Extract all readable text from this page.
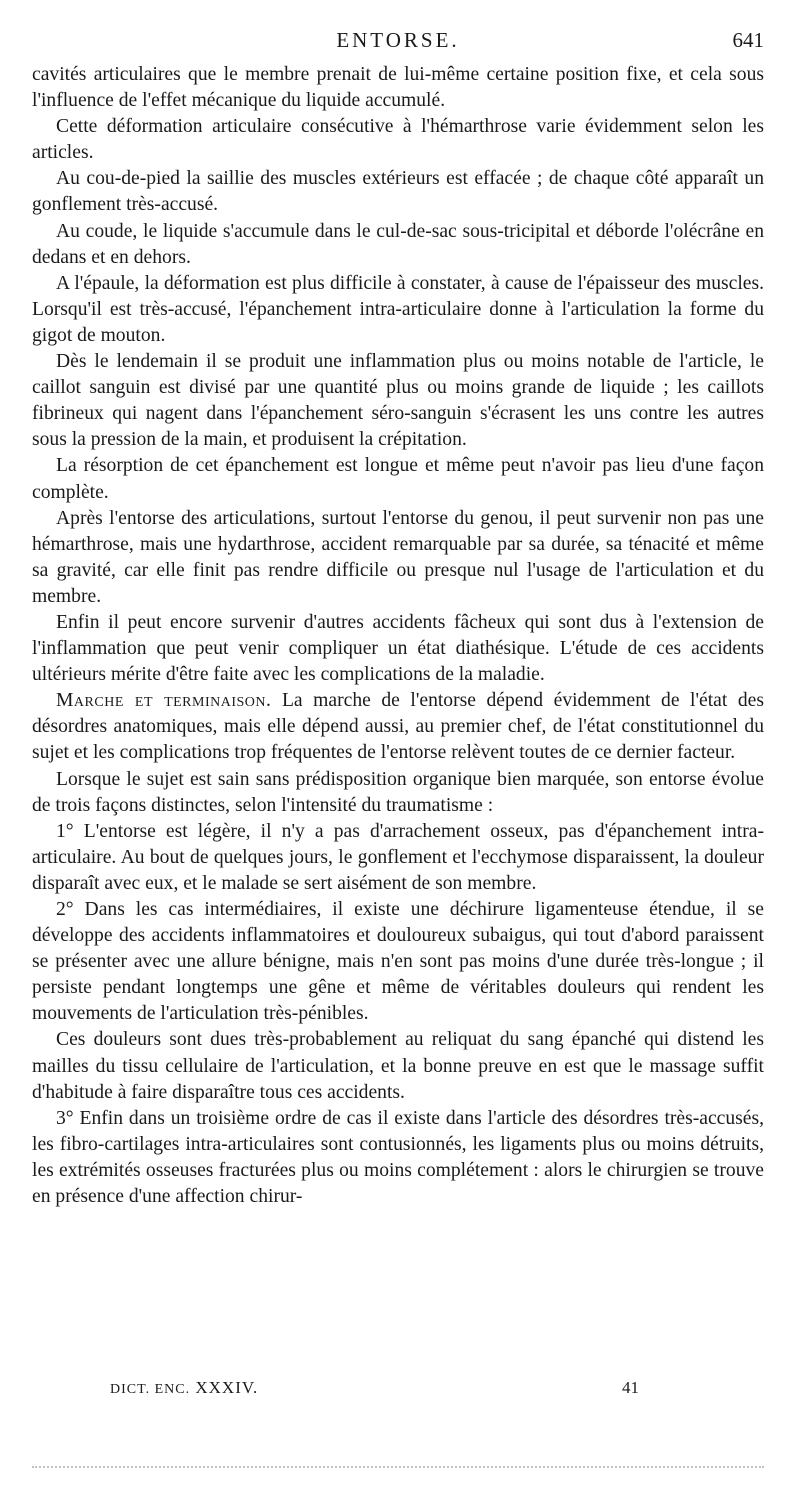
ENTORSE.	641

cavités articulaires que le membre prenait de lui-même certaine position fixe, et cela sous l'influence de l'effet mécanique du liquide accumulé.

Cette déformation articulaire consécutive à l'hémarthrose varie évidemment selon les articles.

Au cou-de-pied la saillie des muscles extérieurs est effacée ; de chaque côté apparaît un gonflement très-accusé.

Au coude, le liquide s'accumule dans le cul-de-sac sous-tricipital et déborde l'olécrâne en dedans et en dehors.

A l'épaule, la déformation est plus difficile à constater, à cause de l'épaisseur des muscles. Lorsqu'il est très-accusé, l'épanchement intra-articulaire donne à l'articulation la forme du gigot de mouton.

Dès le lendemain il se produit une inflammation plus ou moins notable de l'article, le caillot sanguin est divisé par une quantité plus ou moins grande de liquide ; les caillots fibrineux qui nagent dans l'épanchement séro-sanguin s'écrasent les uns contre les autres sous la pression de la main, et produisent la crépitation.

La résorption de cet épanchement est longue et même peut n'avoir pas lieu d'une façon complète.

Après l'entorse des articulations, surtout l'entorse du genou, il peut survenir non pas une hémarthrose, mais une hydarthrose, accident remarquable par sa durée, sa ténacité et même sa gravité, car elle finit pas rendre difficile ou presque nul l'usage de l'articulation et du membre.

Enfin il peut encore survenir d'autres accidents fâcheux qui sont dus à l'extension de l'inflammation que peut venir compliquer un état diathésique. L'étude de ces accidents ultérieurs mérite d'être faite avec les complications de la maladie.

Marche et terminaison. La marche de l'entorse dépend évidemment de l'état des désordres anatomiques, mais elle dépend aussi, au premier chef, de l'état constitutionnel du sujet et les complications trop fréquentes de l'entorse relèvent toutes de ce dernier facteur.

Lorsque le sujet est sain sans prédisposition organique bien marquée, son entorse évolue de trois façons distinctes, selon l'intensité du traumatisme :

1° L'entorse est légère, il n'y a pas d'arrachement osseux, pas d'épanchement intra-articulaire. Au bout de quelques jours, le gonflement et l'ecchymose disparaissent, la douleur disparaît avec eux, et le malade se sert aisément de son membre.

2° Dans les cas intermédiaires, il existe une déchirure ligamenteuse étendue, il se développe des accidents inflammatoires et douloureux subaigus, qui tout d'abord paraissent se présenter avec une allure bénigne, mais n'en sont pas moins d'une durée très-longue ; il persiste pendant longtemps une gêne et même de véritables douleurs qui rendent les mouvements de l'articulation très-pénibles.

Ces douleurs sont dues très-probablement au reliquat du sang épanché qui distend les mailles du tissu cellulaire de l'articulation, et la bonne preuve en est que le massage suffit d'habitude à faire disparaître tous ces accidents.

3° Enfin dans un troisième ordre de cas il existe dans l'article des désordres très-accusés, les fibro-cartilages intra-articulaires sont contusionnés, les ligaments plus ou moins détruits, les extrémités osseuses fracturées plus ou moins complétement : alors le chirurgien se trouve en présence d'une affection chirur-

DICT. ENC. XXXIV.	41
